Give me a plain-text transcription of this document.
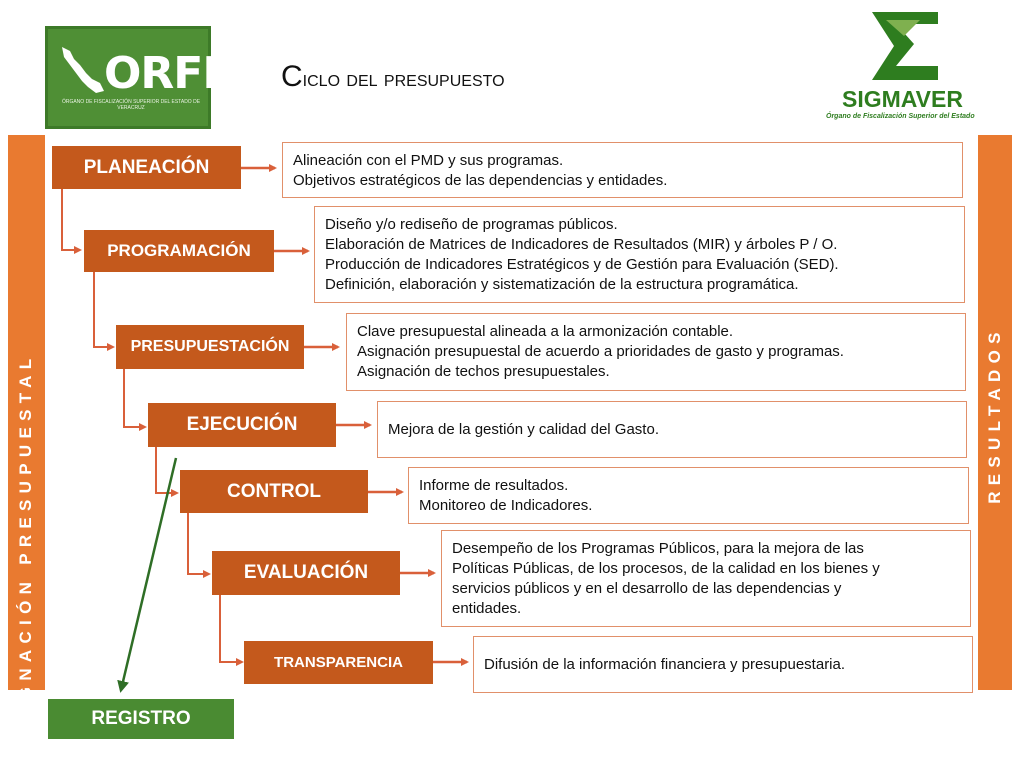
ORFIS
ÓRGANO DE FISCALIZACIÓN SUPERIOR DEL ESTADO DE VERACRUZ
Ciclo del presupuesto
SIGMAVER
Órgano de Fiscalización Superior del Estado
ASIGNACIÓN PRESUPUESTAL	RESULTADOS
PLANEACIÓN
PROGRAMACIÓN
PRESUPUESTACIÓN
EJECUCIÓN
CONTROL
EVALUACIÓN
TRANSPARENCIA
Alineación con el PMD y sus programas.
Objetivos estratégicos de las dependencias y entidades.
Diseño y/o rediseño de programas públicos.
Elaboración de Matrices de Indicadores de Resultados (MIR) y árboles P / O.
Producción de Indicadores Estratégicos y de Gestión para Evaluación (SED).
Definición, elaboración y sistematización de la estructura programática.
Clave presupuestal alineada a la armonización contable.
Asignación presupuestal de acuerdo a prioridades de gasto y programas.
Asignación de techos presupuestales.
Mejora de la gestión y calidad del Gasto.
Informe de resultados.
Monitoreo de Indicadores.
Desempeño de los Programas Públicos, para la mejora de las
Políticas Públicas, de los procesos, de la calidad en los bienes y
servicios públicos y en el desarrollo de las dependencias y
entidades.
Difusión de la información financiera y presupuestaria.
REGISTRO
